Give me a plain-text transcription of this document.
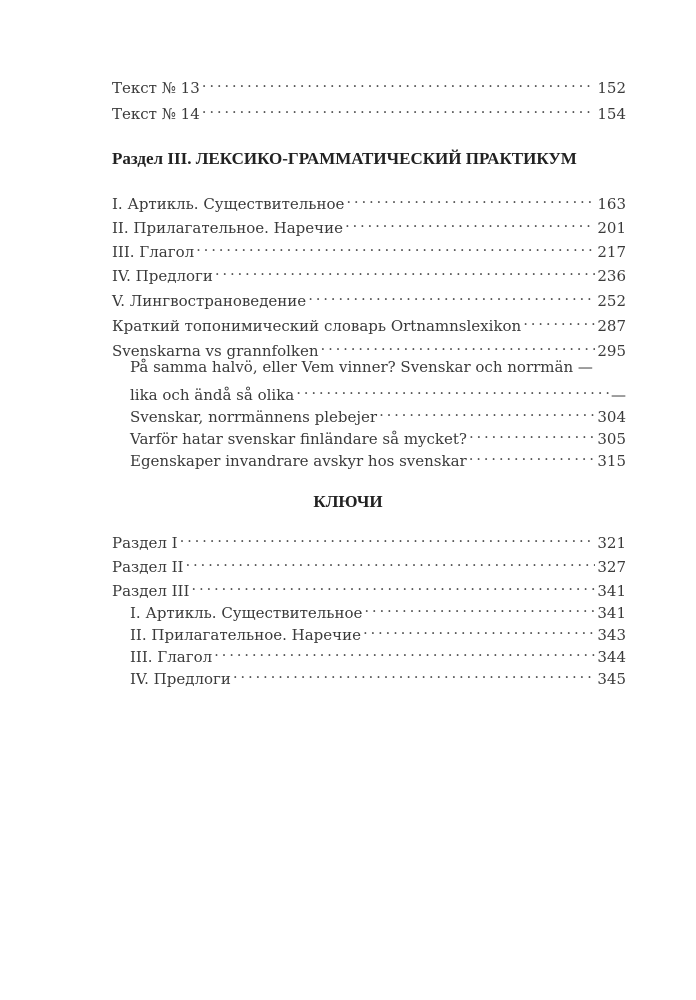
Текст № 13 . . .	152
Текст № 14 . . .	154
Раздел III. ЛЕКСИКО-ГРАММАТИЧЕСКИЙ ПРАКТИКУМ
I. Артикль. Существительное . . .	163
II. Прилагательное. Наречие . . .	201
III. Глагол . . .	217
IV. Предлоги . . .	236
V. Лингвострановедение . . .	252
Краткий топонимический словарь Ortnamnslexikon . . .	287
Svenskarna vs grannfolken . . .	295
På samma halvö, eller Vem vinner? Svenskar och norrmän —
lika och ändå så olika . . .	—
Svenskar, norrmännens plebejer . . .	304
Varför hatar svenskar finländare så mycket? . . .	305
Egenskaper invandrare avskyr hos svenskar . . .	315
КЛЮЧИ
Раздел I . . .	321
Раздел II . . .	327
Раздел III . . .	341
I. Артикль. Существительное . . .	341
II. Прилагательное. Наречие . . .	343
III. Глагол . . .	344
IV. Предлоги . . .	345
